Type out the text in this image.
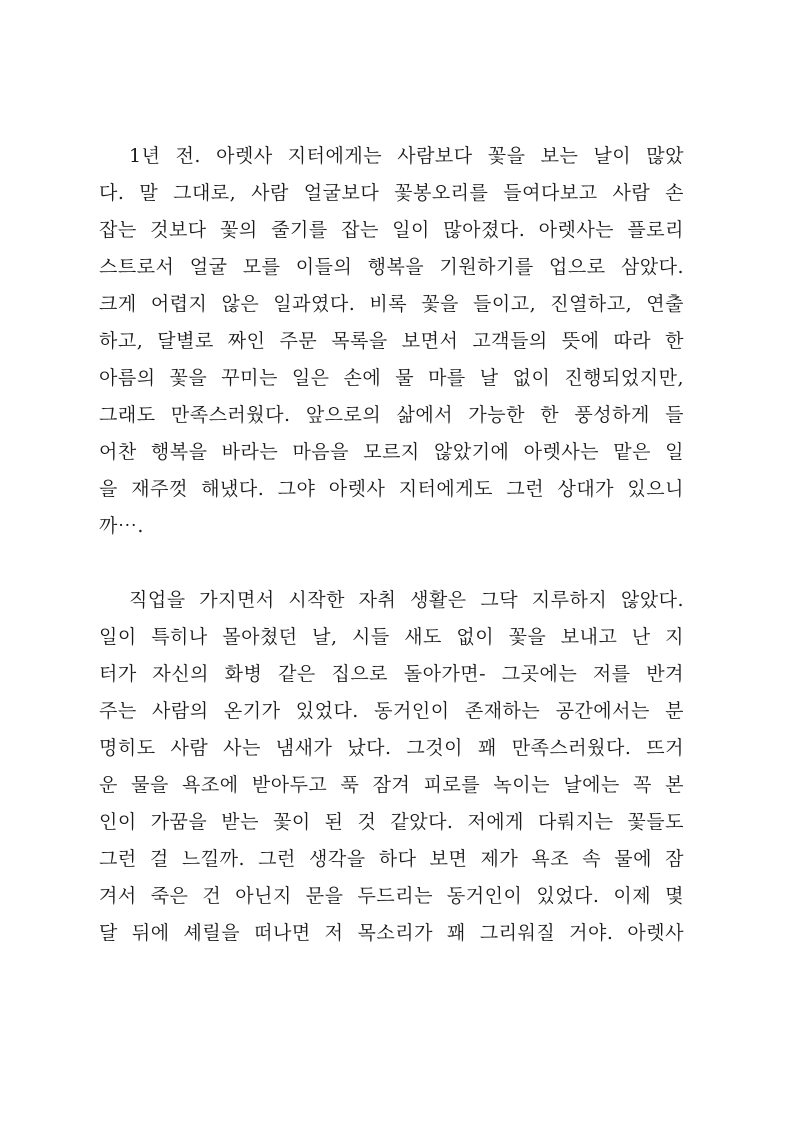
1년 전. 아렛사 지터에게는 사람보다 꽃을 보는 날이 많았
다. 말 그대로, 사람 얼굴보다 꽃봉오리를 들여다보고 사람 손
잡는 것보다 꽃의 줄기를 잡는 일이 많아졌다. 아렛사는 플로리
스트로서 얼굴 모를 이들의 행복을 기원하기를 업으로 삼았다.
크게 어렵지 않은 일과였다. 비록 꽃을 들이고, 진열하고, 연출
하고, 달별로 짜인 주문 목록을 보면서 고객들의 뜻에 따라 한
아름의 꽃을 꾸미는 일은 손에 물 마를 날 없이 진행되었지만,
그래도 만족스러웠다. 앞으로의 삶에서 가능한 한 풍성하게 들
어찬 행복을 바라는 마음을 모르지 않았기에 아렛사는 맡은 일
을 재주껏 해냈다. 그야 아렛사 지터에게도 그런 상대가 있으니
까⋯.
직업을 가지면서 시작한 자취 생활은 그닥 지루하지 않았다.
일이 특히나 몰아쳤던 날, 시들 새도 없이 꽃을 보내고 난 지
터가 자신의 화병 같은 집으로 돌아가면- 그곳에는 저를 반겨
주는 사람의 온기가 있었다. 동거인이 존재하는 공간에서는 분
명히도 사람 사는 냄새가 났다. 그것이 꽤 만족스러웠다. 뜨거
운 물을 욕조에 받아두고 푹 잠겨 피로를 녹이는 날에는 꼭 본
인이 가꿈을 받는 꽃이 된 것 같았다. 저에게 다뤄지는 꽃들도
그런 걸 느낄까. 그런 생각을 하다 보면 제가 욕조 속 물에 잠
겨서 죽은 건 아닌지 문을 두드리는 동거인이 있었다. 이제 몇
달 뒤에 셰릴을 떠나면 저 목소리가 꽤 그리워질 거야. 아렛사
